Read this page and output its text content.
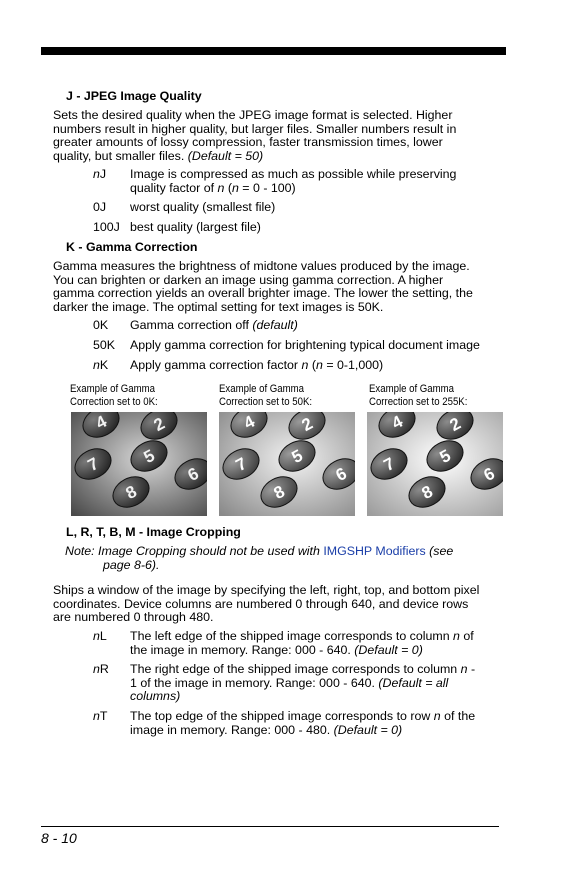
J - JPEG Image Quality
Sets the desired quality when the JPEG image format is selected. Higher
numbers result in higher quality, but larger files. Smaller numbers result in
greater amounts of lossy compression, faster transmission times, lower
quality, but smaller files. (Default = 50)
nJ Image is compressed as much as possible while preserving
quality factor of n (n = 0 - 100)
0J worst quality (smallest file)
100J best quality (largest file)
K - Gamma Correction
Gamma measures the brightness of midtone values produced by the image.
You can brighten or darken an image using gamma correction. A higher
gamma correction yields an overall brighter image. The lower the setting, the
darker the image. The optimal setting for text images is 50K.
0K Gamma correction off (default)
50K Apply gamma correction for brightening typical document image
nK Apply gamma correction factor n (n = 0-1,000)
Example of Gamma
Correction set to 0K:
Example of Gamma
Correction set to 50K:
Example of Gamma
Correction set to 255K:
4 2
7 5
8
6
4 2
7 5
8
6
4 2
7 5
8
6
L, R, T, B, M - Image Cropping
Note: Image Cropping should not be used with IMGSHP Modifiers (see
page 8-6).
Ships a window of the image by specifying the left, right, top, and bottom pixel
coordinates. Device columns are numbered 0 through 640, and device rows
are numbered 0 through 480.
nL The left edge of the shipped image corresponds to column n of
the image in memory. Range: 000 - 640. (Default = 0)
nR The right edge of the shipped image corresponds to column n -
1 of the image in memory. Range: 000 - 640. (Default = all
columns)
nT The top edge of the shipped image corresponds to row n of the
image in memory. Range: 000 - 480. (Default = 0)
8 - 10
